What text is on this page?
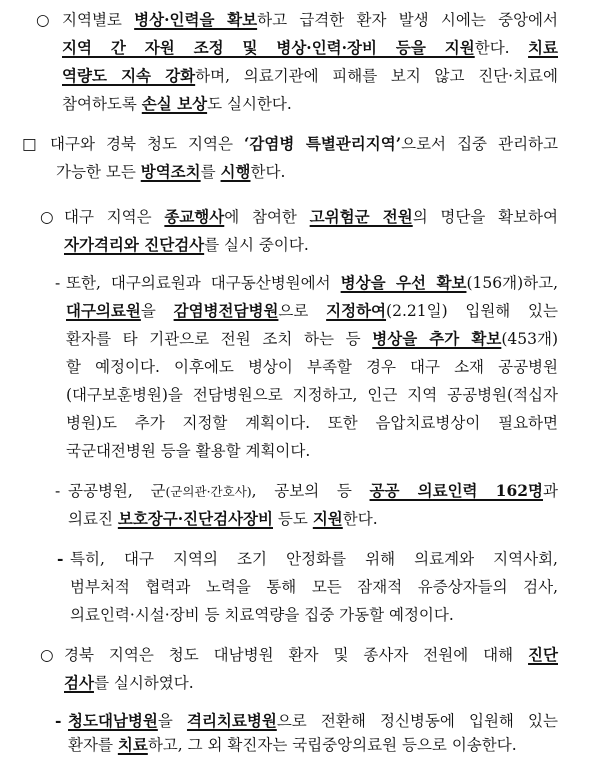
○ 지역별로 병상·인력을 확보하고 급격한 환자 발생 시에는 중앙에서
지역 간 자원 조정 및 병상·인력·장비 등을 지원한다. 치료
역량도 지속 강화하며, 의료기관에 피해를 보지 않고 진단·치료에
참여하도록 손실 보상도 실시한다.
□ 대구와 경북 청도 지역은 ‘감염병 특별관리지역’으로서 집중 관리하고
가능한 모든 방역조치를 시행한다.
○ 대구 지역은 종교행사에 참여한 고위험군 전원의 명단을 확보하여
자가격리와 진단검사를 실시 중이다.
- 또한, 대구의료원과 대구동산병원에서 병상을 우선 확보(156개)하고,
대구의료원을 감염병전담병원으로 지정하여(2.21일) 입원해 있는
환자를 타 기관으로 전원 조치 하는 등 병상을 추가 확보(453개)
할 예정이다. 이후에도 병상이 부족할 경우 대구 소재 공공병원
(대구보훈병원)을 전담병원으로 지정하고, 인근 지역 공공병원(적십자
병원)도 추가 지정할 계획이다. 또한 음압치료병상이 필요하면
국군대전병원 등을 활용할 계획이다.
- 공공병원, 군(군의관·간호사), 공보의 등 공공 의료인력 162명과
의료진 보호장구·진단검사장비 등도 지원한다.
- 특히, 대구 지역의 조기 안정화를 위해 의료계와 지역사회,
범부처적 협력과 노력을 통해 모든 잠재적 유증상자들의 검사,
의료인력·시설·장비 등 치료역량을 집중 가동할 예정이다.
○ 경북 지역은 청도 대남병원 환자 및 종사자 전원에 대해 진단
검사를 실시하였다.
- 청도대남병원을 격리치료병원으로 전환해 정신병동에 입원해 있는
환자를 치료하고, 그 외 확진자는 국립중앙의료원 등으로 이송한다.
